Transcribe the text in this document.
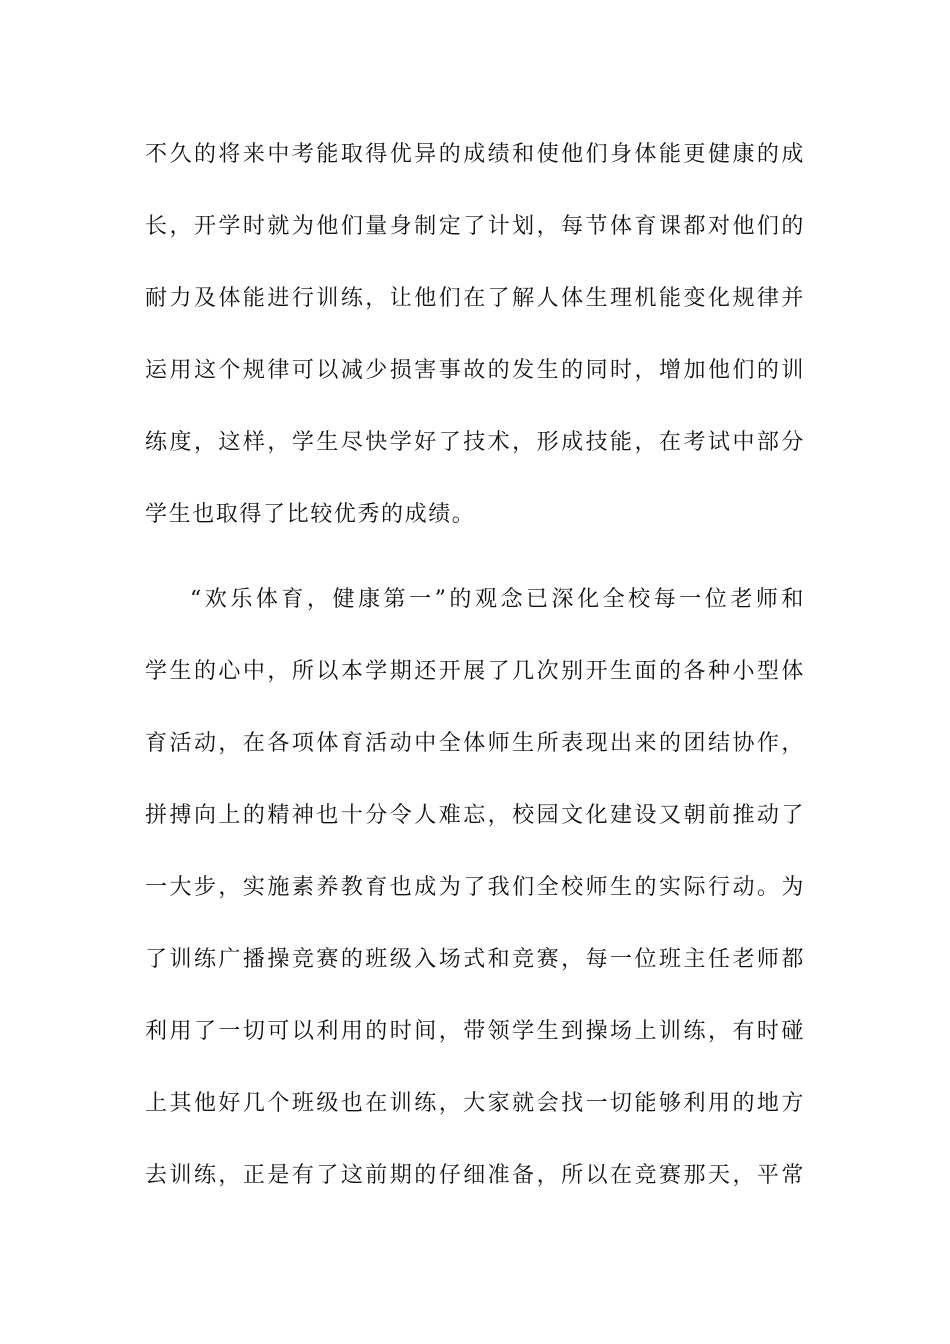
不久的将来中考能取得优异的成绩和使他们身体能更健康的成
长，开学时就为他们量身制定了计划，每节体育课都对他们的
耐力及体能进行训练，让他们在了解人体生理机能变化规律并
运用这个规律可以减少损害事故的发生的同时，增加他们的训
练度，这样，学生尽快学好了技术，形成技能，在考试中部分
学生也取得了比较优秀的成绩。
“欢乐体育，健康第一”的观念已深化全校每一位老师和
学生的心中，所以本学期还开展了几次别开生面的各种小型体
育活动，在各项体育活动中全体师生所表现出来的团结协作，
拼搏向上的精神也十分令人难忘，校园文化建设又朝前推动了
一大步，实施素养教育也成为了我们全校师生的实际行动。为
了训练广播操竞赛的班级入场式和竞赛，每一位班主任老师都
利用了一切可以利用的时间，带领学生到操场上训练，有时碰
上其他好几个班级也在训练，大家就会找一切能够利用的地方
去训练，正是有了这前期的仔细准备，所以在竞赛那天，平常
